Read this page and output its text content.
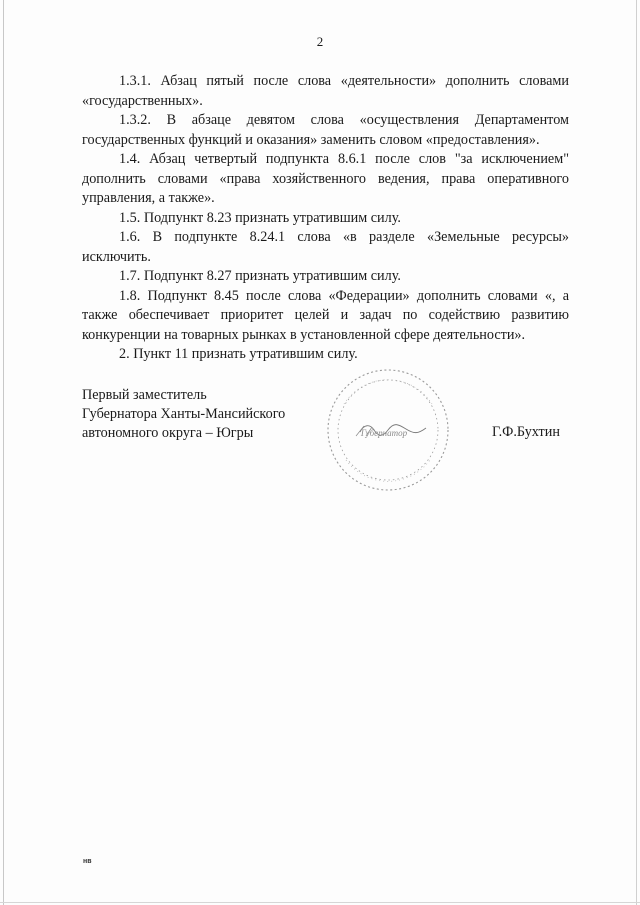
2

1.3.1. Абзац пятый после слова «деятельности» дополнить словами «государственных».

1.3.2. В абзаце девятом слова «осуществления Департаментом государственных функций и оказания» заменить словом «предоставления».

1.4. Абзац четвертый подпункта 8.6.1 после слов "за исключением" дополнить словами «права хозяйственного ведения, права оперативного управления, а также».

1.5. Подпункт 8.23 признать утратившим силу.

1.6. В подпункте 8.24.1 слова «в разделе «Земельные ресурсы» исключить.

1.7. Подпункт 8.27 признать утратившим силу.

1.8. Подпункт 8.45 после слова «Федерации» дополнить словами «, а также обеспечивает приоритет целей и задач по содействию развитию конкуренции на товарных рынках в установленной сфере деятельности».

2. Пункт 11 признать утратившим силу.

Первый заместитель
Губернатора Ханты-Мансийского
автономного округа – Югры	Губернатор	Г.Ф.Бухтин
нв
